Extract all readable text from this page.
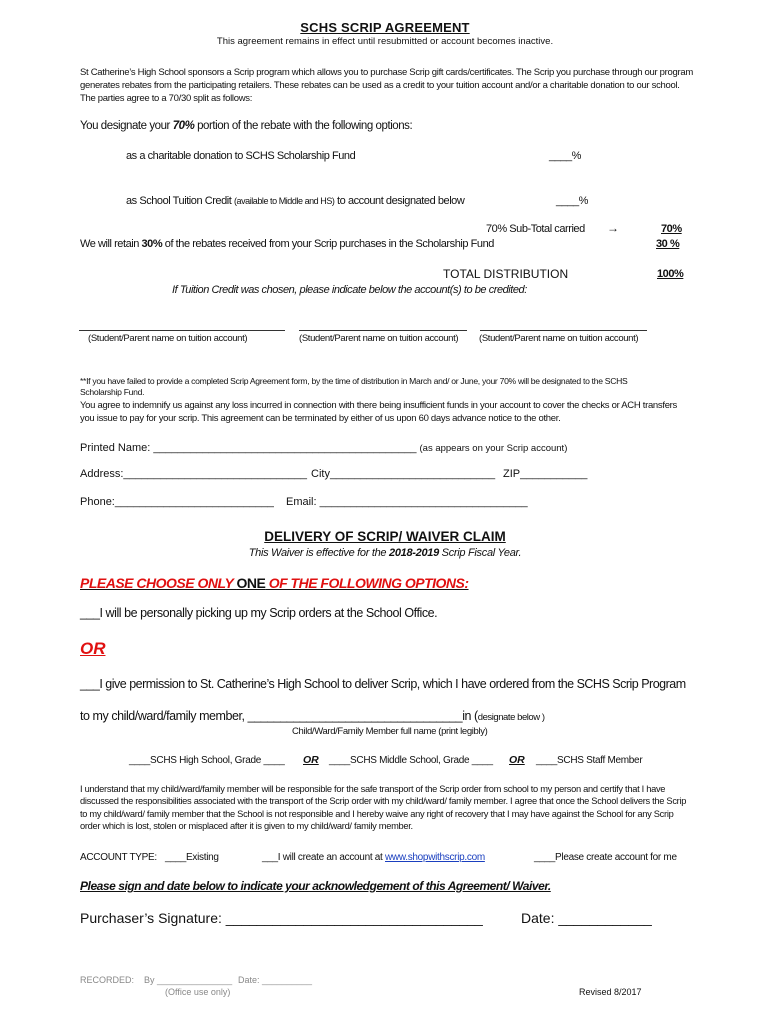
SCHS SCRIP AGREEMENT
This agreement remains in effect until resubmitted or account becomes inactive.
St Catherine’s High School sponsors a Scrip program which allows you to purchase Scrip gift cards/certificates. The Scrip you purchase through our program generates rebates from the participating retailers. These rebates can be used as a credit to your tuition account and/or a charitable donation to our school. The parties agree to a 70/30 split as follows:
You designate your 70% portion of the rebate with the following options:
as a charitable donation to SCHS Scholarship Fund	____%
as School Tuition Credit (available to Middle and HS) to account designated below	____%
70% Sub-Total carried →	70%
We will retain 30% of the rebates received from your Scrip purchases in the Scholarship Fund	30 %
TOTAL DISTRIBUTION	100%
If Tuition Credit was chosen, please indicate below the account(s) to be credited:
(Student/Parent name on tuition account)	(Student/Parent name on tuition account) (Student/Parent name on tuition account)
**If you have failed to provide a completed Scrip Agreement form, by the time of distribution in March and/ or June, your 70% will be designated to the SCHS Scholarship Fund.
You agree to indemnify us against any loss incurred in connection with there being insufficient funds in your account to cover the checks or ACH transfers you issue to pay for your scrip. This agreement can be terminated by either of us upon 60 days advance notice to the other.
Printed Name: ___________________________________________ (as appears on your Scrip account)
Address:______________________________ City___________________________ ZIP___________
Phone:__________________________ Email: __________________________________
DELIVERY OF SCRIP/ WAIVER CLAIM
This Waiver is effective for the 2018-2019 Scrip Fiscal Year.
PLEASE CHOOSE ONLY ONE OF THE FOLLOWING OPTIONS:
___I will be personally picking up my Scrip orders at the School Office.
OR
___I give permission to St. Catherine’s High School to deliver Scrip, which I have ordered from the SCHS Scrip Program
to my child/ward/family member, _________________________________in (designate below )
Child/Ward/Family Member full name (print legibly)
____SCHS High School, Grade ____ OR ____SCHS Middle School, Grade ____ OR ____SCHS Staff Member
I understand that my child/ward/family member will be responsible for the safe transport of the Scrip order from school to my person and certify that I have discussed the responsibilities associated with the transport of the Scrip order with my child/ward/ family member. I agree that once the School delivers the Scrip to my child/ward/ family member that the School is not responsible and I hereby waive any right of recovery that I may have against the School for any Scrip order which is lost, stolen or misplaced after it is given to my child/ward/ family member.
ACCOUNT TYPE: ____Existing	___I will create an account at www.shopwithscrip.com	____Please create account for me
Please sign and date below to indicate your acknowledgement of this Agreement/ Waiver.
Purchaser’s Signature: _________________________________	Date: ____________
RECORDED: By _______________ Date: __________
(Office use only)	Revised 8/2017
